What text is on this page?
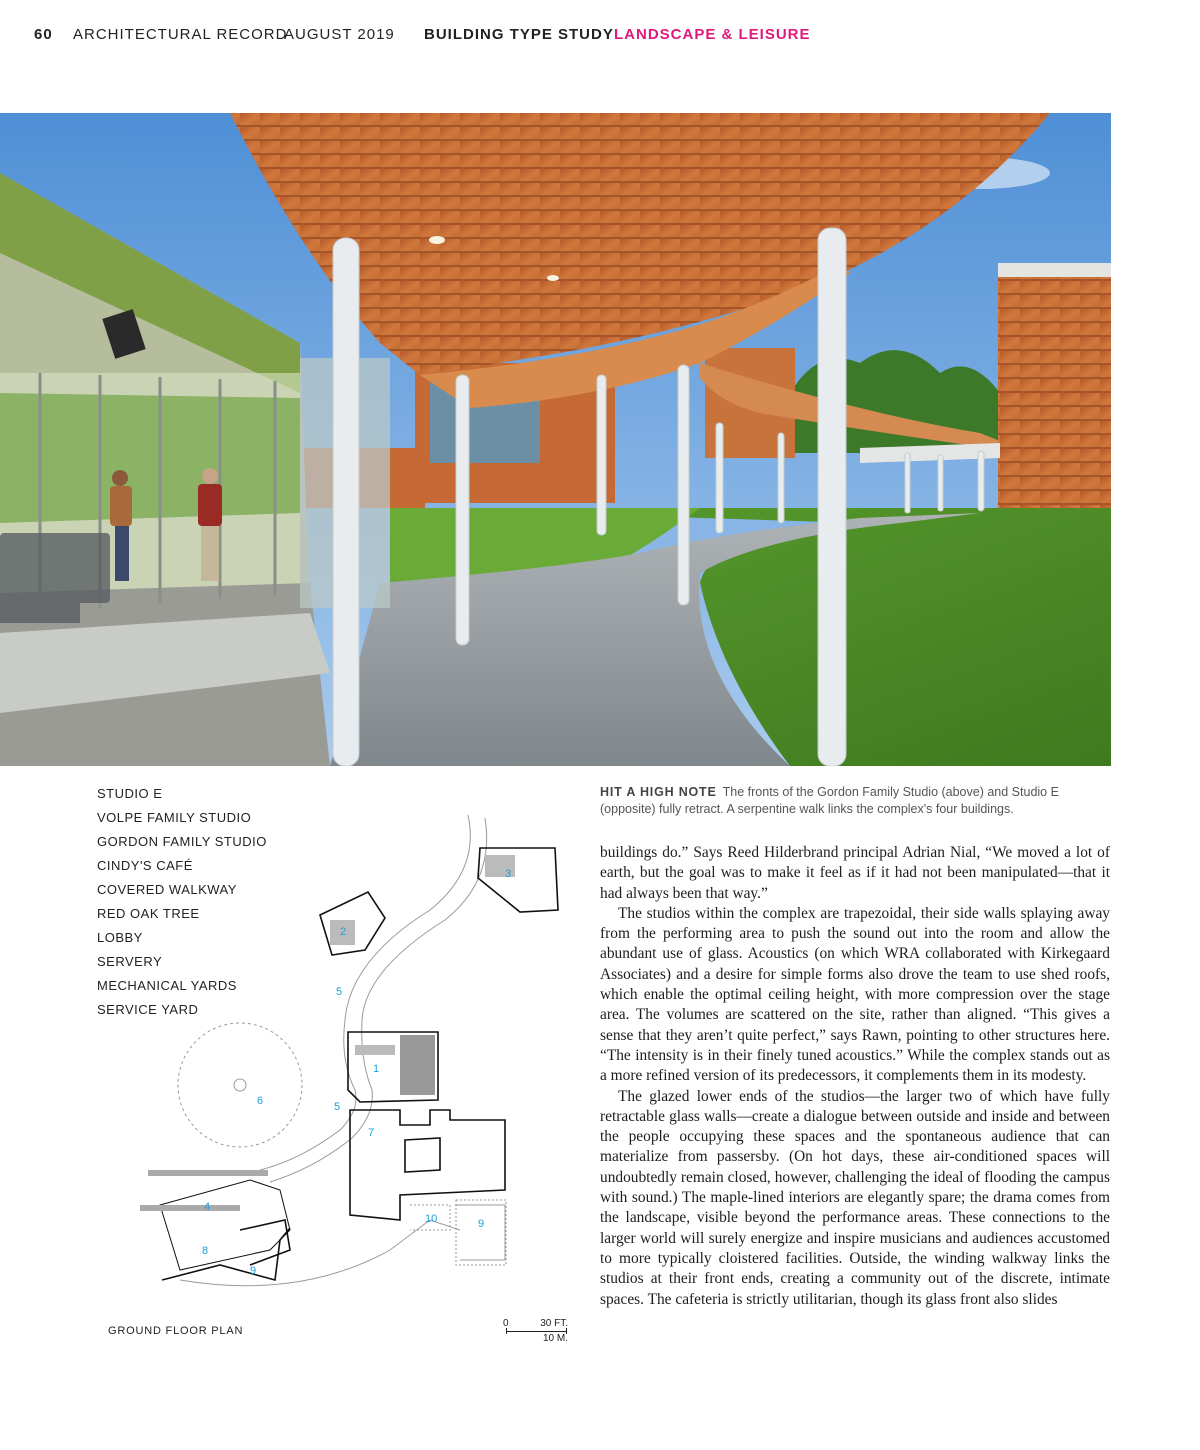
60 ARCHITECTURAL RECORD
AUGUST 2019 BUILDING TYPE STUDY LANDSCAPE & LEISURE
STUDIO E
VOLPE FAMILY STUDIO
GORDON FAMILY STUDIO
CINDY'S CAFÉ
COVERED WALKWAY
RED OAK TREE
LOBBY
SERVERY
MECHANICAL YARDS
SERVICE YARD
1
2
3
4
5
5
6
7
8
9
9
10
GROUND FLOOR PLAN
0	30 FT.
10 M.
HIT A HIGH NOTE The fronts of the Gordon Family Studio (above) and Studio E (opposite) fully retract. A serpentine walk links the complex's four buildings.

buildings do.” Says Reed Hilderbrand principal Adrian Nial, “We moved a lot of earth, but the goal was to make it feel as if it had not been manipulated—that it had always been that way.”

The studios within the complex are trapezoidal, their side walls splaying away from the performing area to push the sound out into the room and allow the abundant use of glass. Acoustics (on which WRA collaborated with Kirkegaard Associates) and a desire for simple forms also drove the team to use shed roofs, which enable the optimal ceiling height, with more compression over the stage area. The volumes are scattered on the site, rather than aligned. “This gives a sense that they aren’t quite perfect,” says Rawn, pointing to other structures here. “The intensity is in their finely tuned acoustics.” While the complex stands out as a more refined version of its predecessors, it complements them in its modesty.

The glazed lower ends of the studios—the larger two of which have fully retractable glass walls—create a dialogue between outside and inside and between the people occupying these spaces and the spontaneous audience that can materialize from passersby. (On hot days, these air-conditioned spaces will undoubtedly remain closed, however, challenging the ideal of flooding the campus with sound.) The maple-lined interiors are elegantly spare; the drama comes from the landscape, visible beyond the performance areas. These connections to the larger world will surely energize and inspire musicians and audiences accustomed to more typically cloistered facilities. Outside, the winding walkway links the studios at their front ends, creating a community out of the discrete, intimate spaces. The cafeteria is strictly utilitarian, though its glass front also slides
